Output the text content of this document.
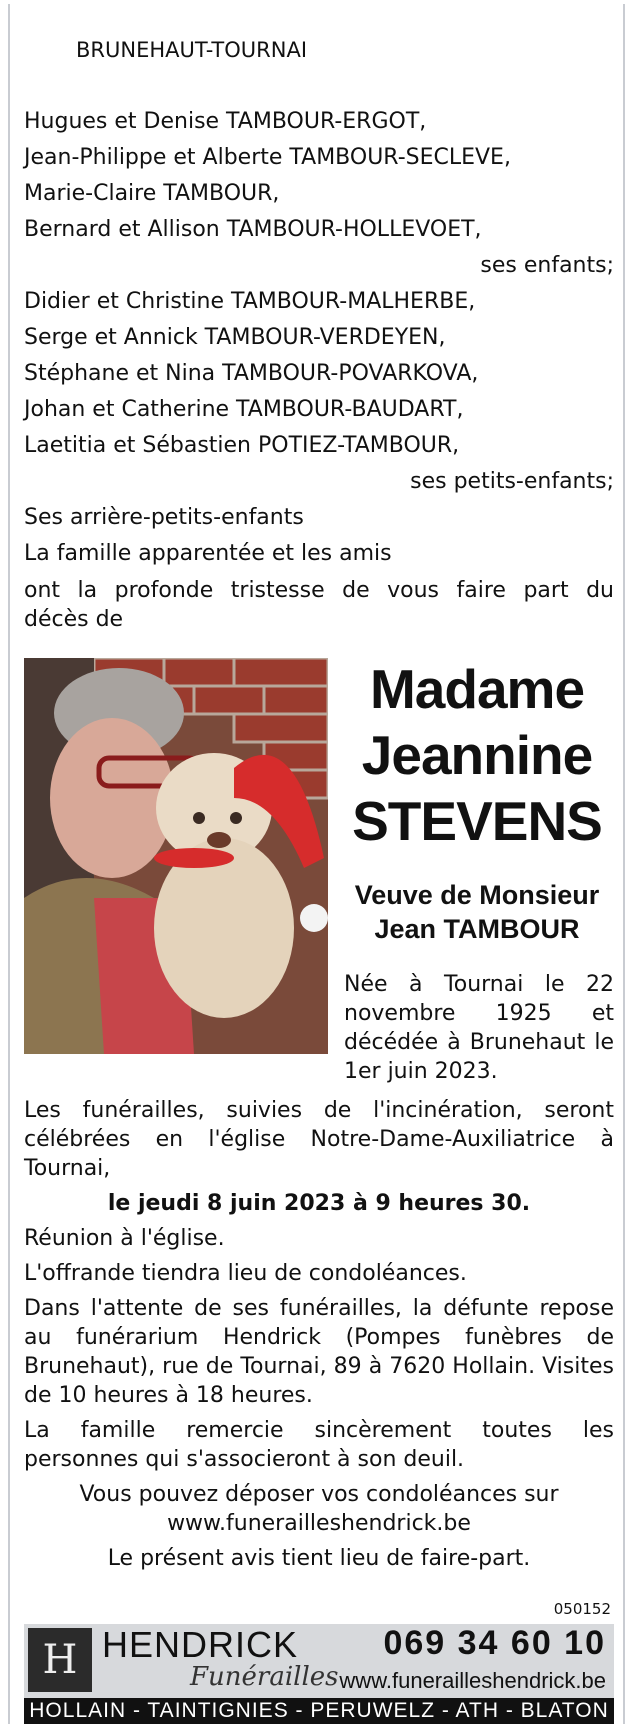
BRUNEHAUT-TOURNAI
Hugues et Denise TAMBOUR-ERGOT,
Jean-Philippe et Alberte TAMBOUR-SECLEVE,
Marie-Claire TAMBOUR,
Bernard et Allison TAMBOUR-HOLLEVOET,
ses enfants;
Didier et Christine TAMBOUR-MALHERBE,
Serge et Annick TAMBOUR-VERDEYEN,
Stéphane et Nina TAMBOUR-POVARKOVA,
Johan et Catherine TAMBOUR-BAUDART,
Laetitia et Sébastien POTIEZ-TAMBOUR,
ses petits-enfants;
Ses arrière-petits-enfants
La famille apparentée et les amis
ont la profonde tristesse de vous faire part du
décès de
Madame
Jeannine
STEVENS
Veuve de Monsieur
Jean TAMBOUR
Née à Tournai le 22 novembre 1925 et décédée à Brunehaut le 1er juin 2023.
Les funérailles, suivies de l'incinération, seront célébrées en l'église Notre-Dame-Auxiliatrice à Tournai,
le jeudi 8 juin 2023 à 9 heures 30.
Réunion à l'église.
L'offrande tiendra lieu de condoléances.
Dans l'attente de ses funérailles, la défunte repose au funérarium Hendrick (Pompes funèbres de Brunehaut), rue de Tournai, 89 à 7620 Hollain. Visites de 10 heures à 18 heures.
La famille remercie sincèrement toutes les personnes qui s'associeront à son deuil.
Vous pouvez déposer vos condoléances sur
www.funerailleshendrick.be
Le présent avis tient lieu de faire-part.
050152
H HENDRICK
Funérailles
069 34 60 10
www.funerailleshendrick.be
HOLLAIN - TAINTIGNIES - PERUWELZ - ATH - BLATON
